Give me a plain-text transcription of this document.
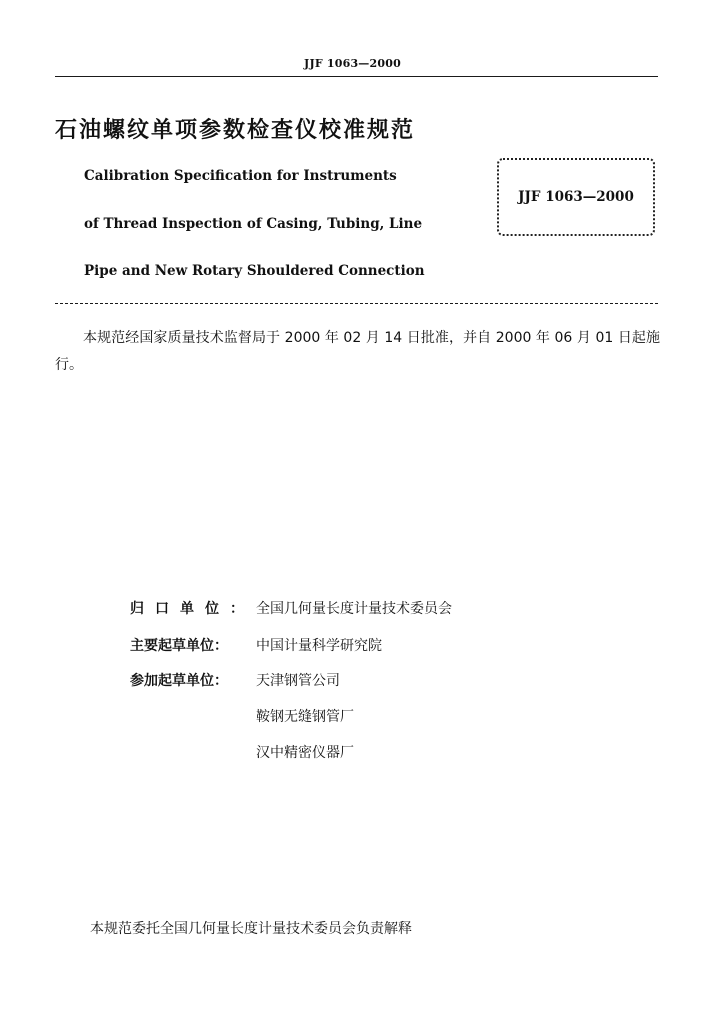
JJF 1063—2000
石油螺纹单项参数检查仪校准规范
Calibration Specification for Instruments
of Thread Inspection of Casing, Tubing, Line
Pipe and New Rotary Shouldered Connection
JJF 1063—2000
本规范经国家质量技术监督局于 2000 年 02 月 14 日批准，并自 2000 年 06 月 01 日起施行。
归口单位： 全国几何量长度计量技术委员会
主要起草单位：	中国计量科学研究院
参加起草单位：	天津钢管公司
鞍钢无缝钢管厂
汉中精密仪器厂
本规范委托全国几何量长度计量技术委员会负责解释
